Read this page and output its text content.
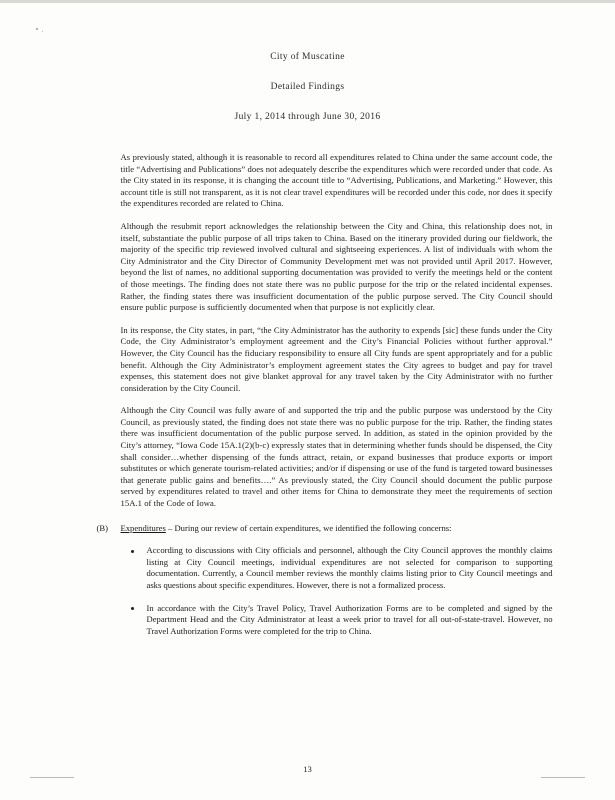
City of Muscatine
Detailed Findings
July 1, 2014 through June 30, 2016

As previously stated, although it is reasonable to record all expenditures related to China under the same account code, the title “Advertising and Publications” does not adequately describe the expenditures which were recorded under that code. As the City stated in its response, it is changing the account title to “Advertising, Publications, and Marketing.” However, this account title is still not transparent, as it is not clear travel expenditures will be recorded under this code, nor does it specify the expenditures recorded are related to China.

Although the resubmit report acknowledges the relationship between the City and China, this relationship does not, in itself, substantiate the public purpose of all trips taken to China. Based on the itinerary provided during our fieldwork, the majority of the specific trip reviewed involved cultural and sightseeing experiences. A list of individuals with whom the City Administrator and the City Director of Community Development met was not provided until April 2017. However, beyond the list of names, no additional supporting documentation was provided to verify the meetings held or the content of those meetings. The finding does not state there was no public purpose for the trip or the related incidental expenses. Rather, the finding states there was insufficient documentation of the public purpose served. The City Council should ensure public purpose is sufficiently documented when that purpose is not explicitly clear.

In its response, the City states, in part, “the City Administrator has the authority to expends [sic] these funds under the City Code, the City Administrator’s employment agreement and the City’s Financial Policies without further approval.” However, the City Council has the fiduciary responsibility to ensure all City funds are spent appropriately and for a public benefit. Although the City Administrator’s employment agreement states the City agrees to budget and pay for travel expenses, this statement does not give blanket approval for any travel taken by the City Administrator with no further consideration by the City Council.

Although the City Council was fully aware of and supported the trip and the public purpose was understood by the City Council, as previously stated, the finding does not state there was no public purpose for the trip. Rather, the finding states there was insufficient documentation of the public purpose served. In addition, as stated in the opinion provided by the City’s attorney, “Iowa Code 15A.1(2)(b-c) expressly states that in determining whether funds should be dispensed, the City shall consider…whether dispensing of the funds attract, retain, or expand businesses that produce exports or import substitutes or which generate tourism-related activities; and/or if dispensing or use of the fund is targeted toward businesses that generate public gains and benefits….” As previously stated, the City Council should document the public purpose served by expenditures related to travel and other items for China to demonstrate they meet the requirements of section 15A.1 of the Code of Iowa.

(B)	Expenditures – During our review of certain expenditures, we identified the following concerns:
According to discussions with City officials and personnel, although the City Council approves the monthly claims listing at City Council meetings, individual expenditures are not selected for comparison to supporting documentation. Currently, a Council member reviews the monthly claims listing prior to City Council meetings and asks questions about specific expenditures. However, there is not a formalized process.
In accordance with the City’s Travel Policy, Travel Authorization Forms are to be completed and signed by the Department Head and the City Administrator at least a week prior to travel for all out-of-state-travel. However, no Travel Authorization Forms were completed for the trip to China.
13
